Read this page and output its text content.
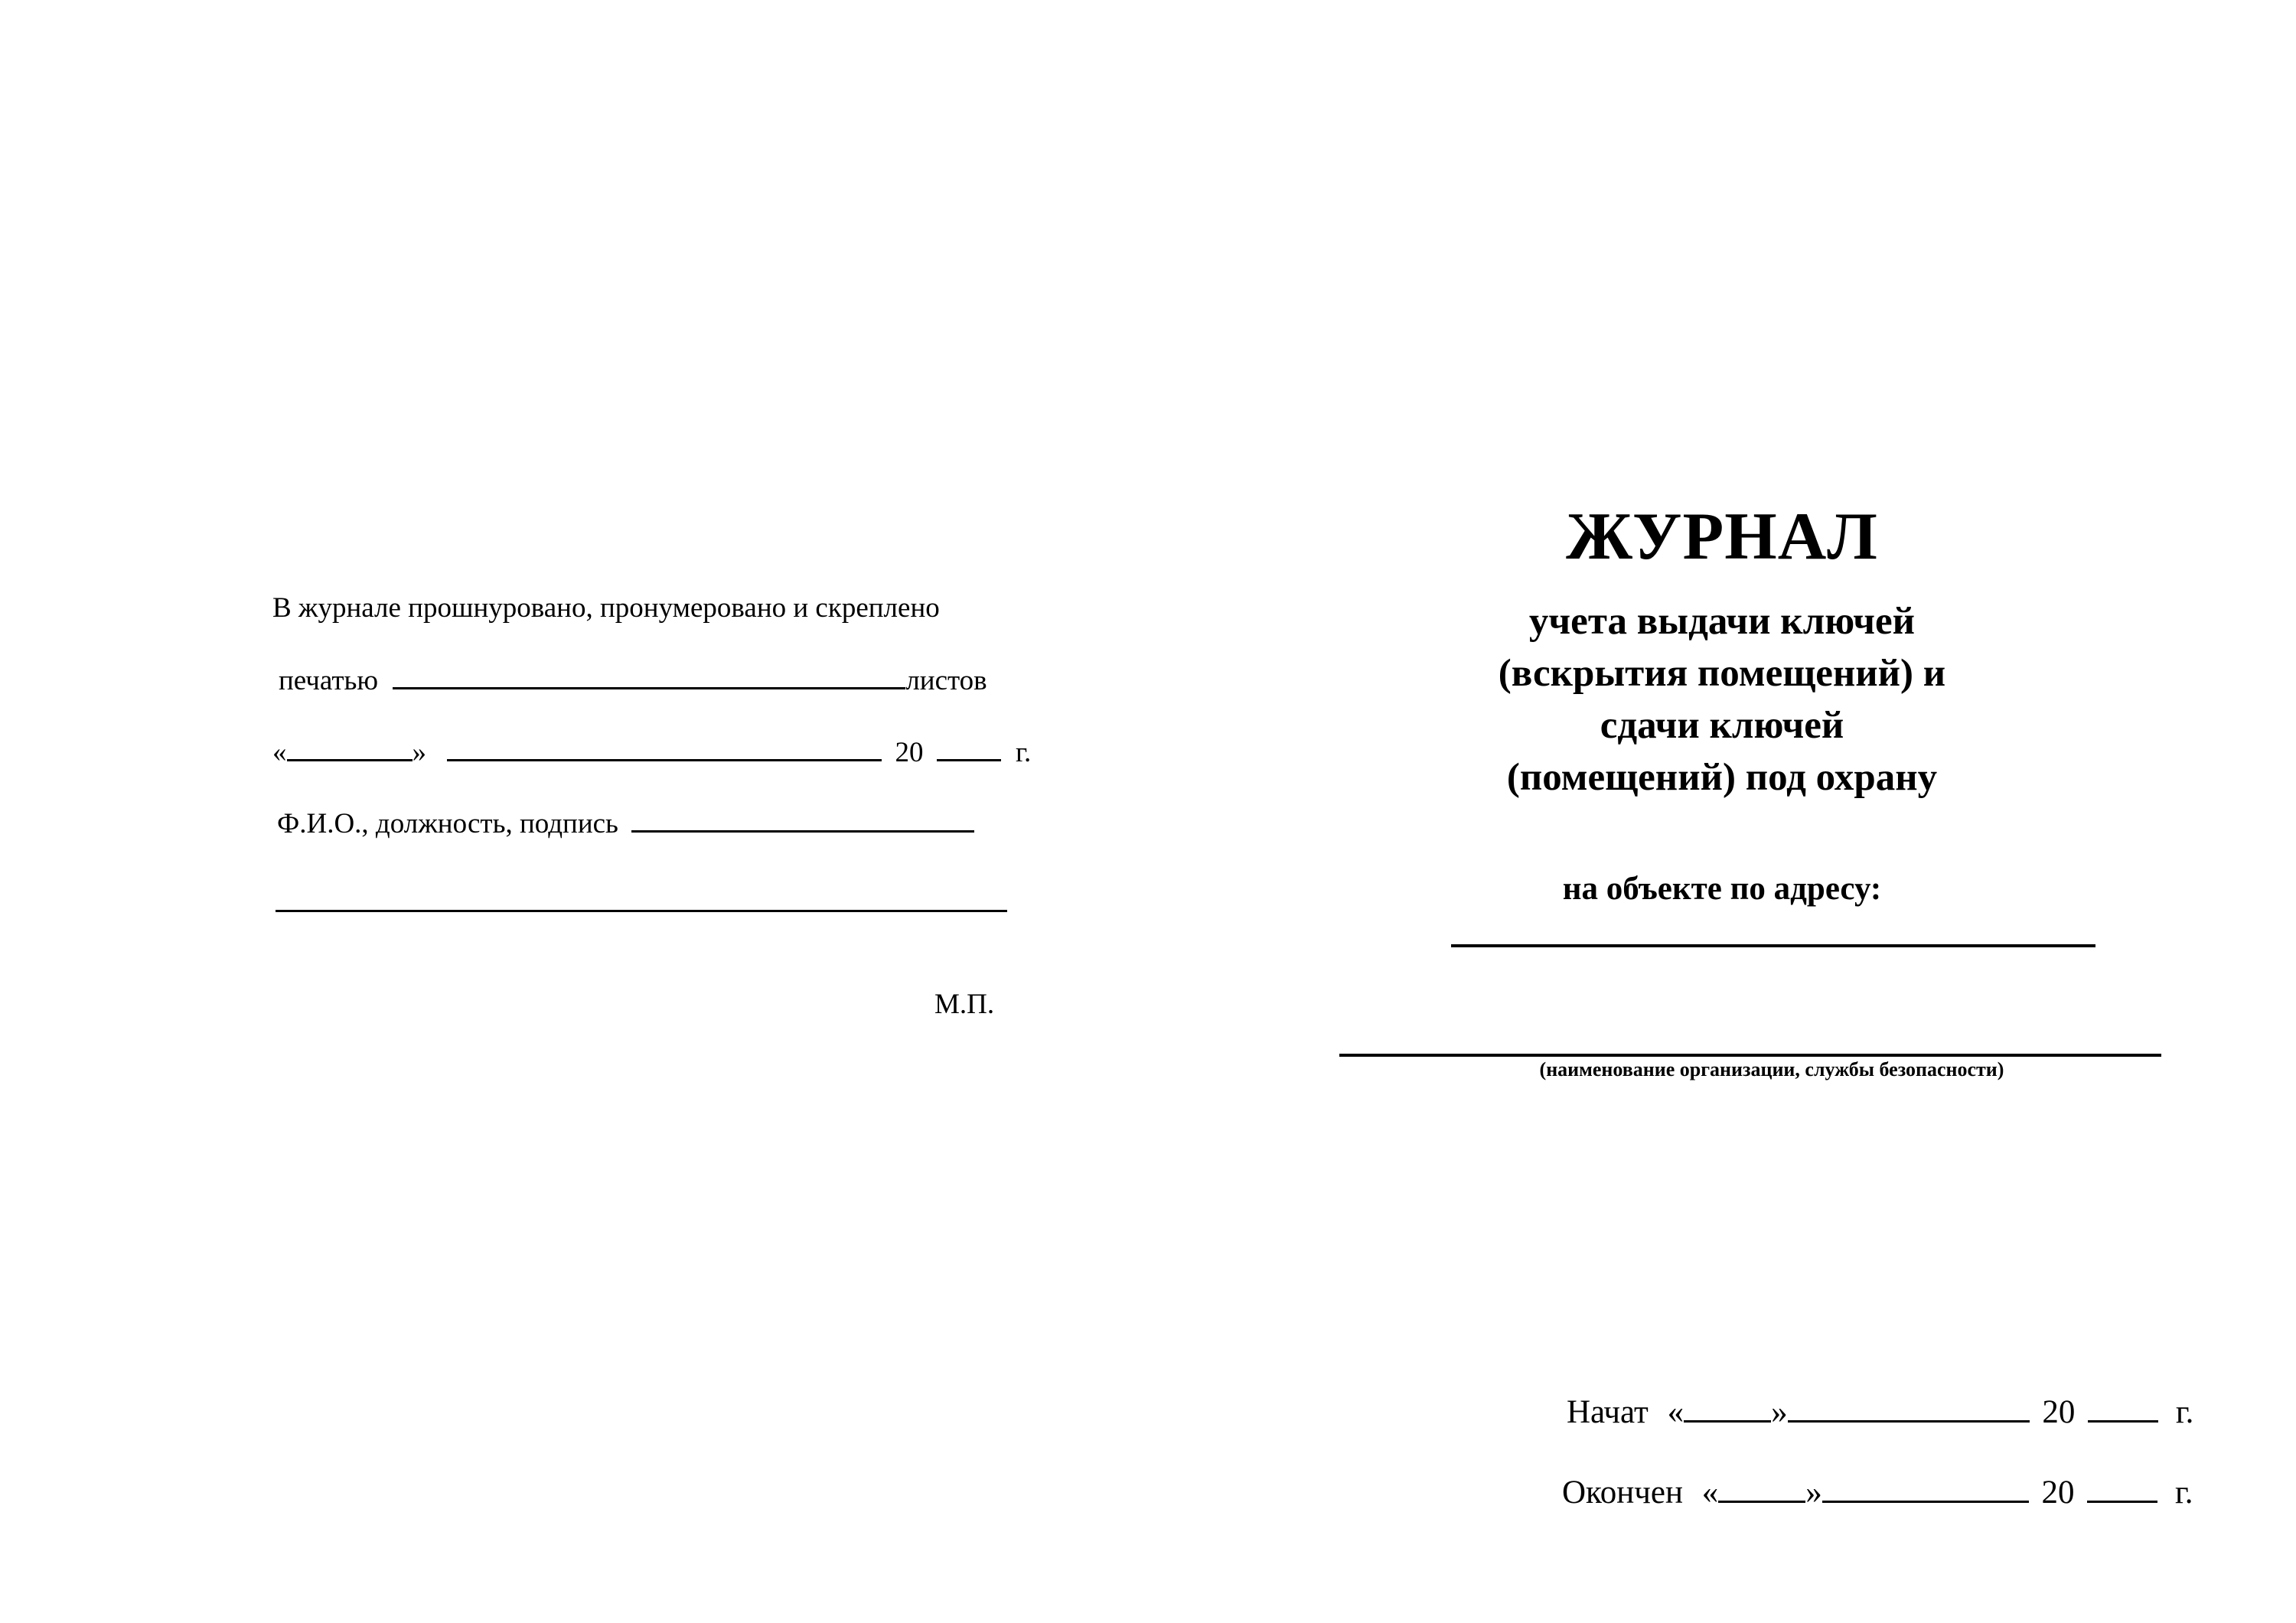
В журнале прошнуровано, пронумеровано и скреплено
печатью	листов
«	»	20	г.
Ф.И.О., должность, подпись
М.П.
ЖУРНАЛ
учета выдачи ключей
(вскрытия помещений) и
сдачи ключей
(помещений) под охрану
на объекте по адресу:
(наименование организации, службы безопасности)
Начат «	»	20	г.
Окончен «	»	20	г.
